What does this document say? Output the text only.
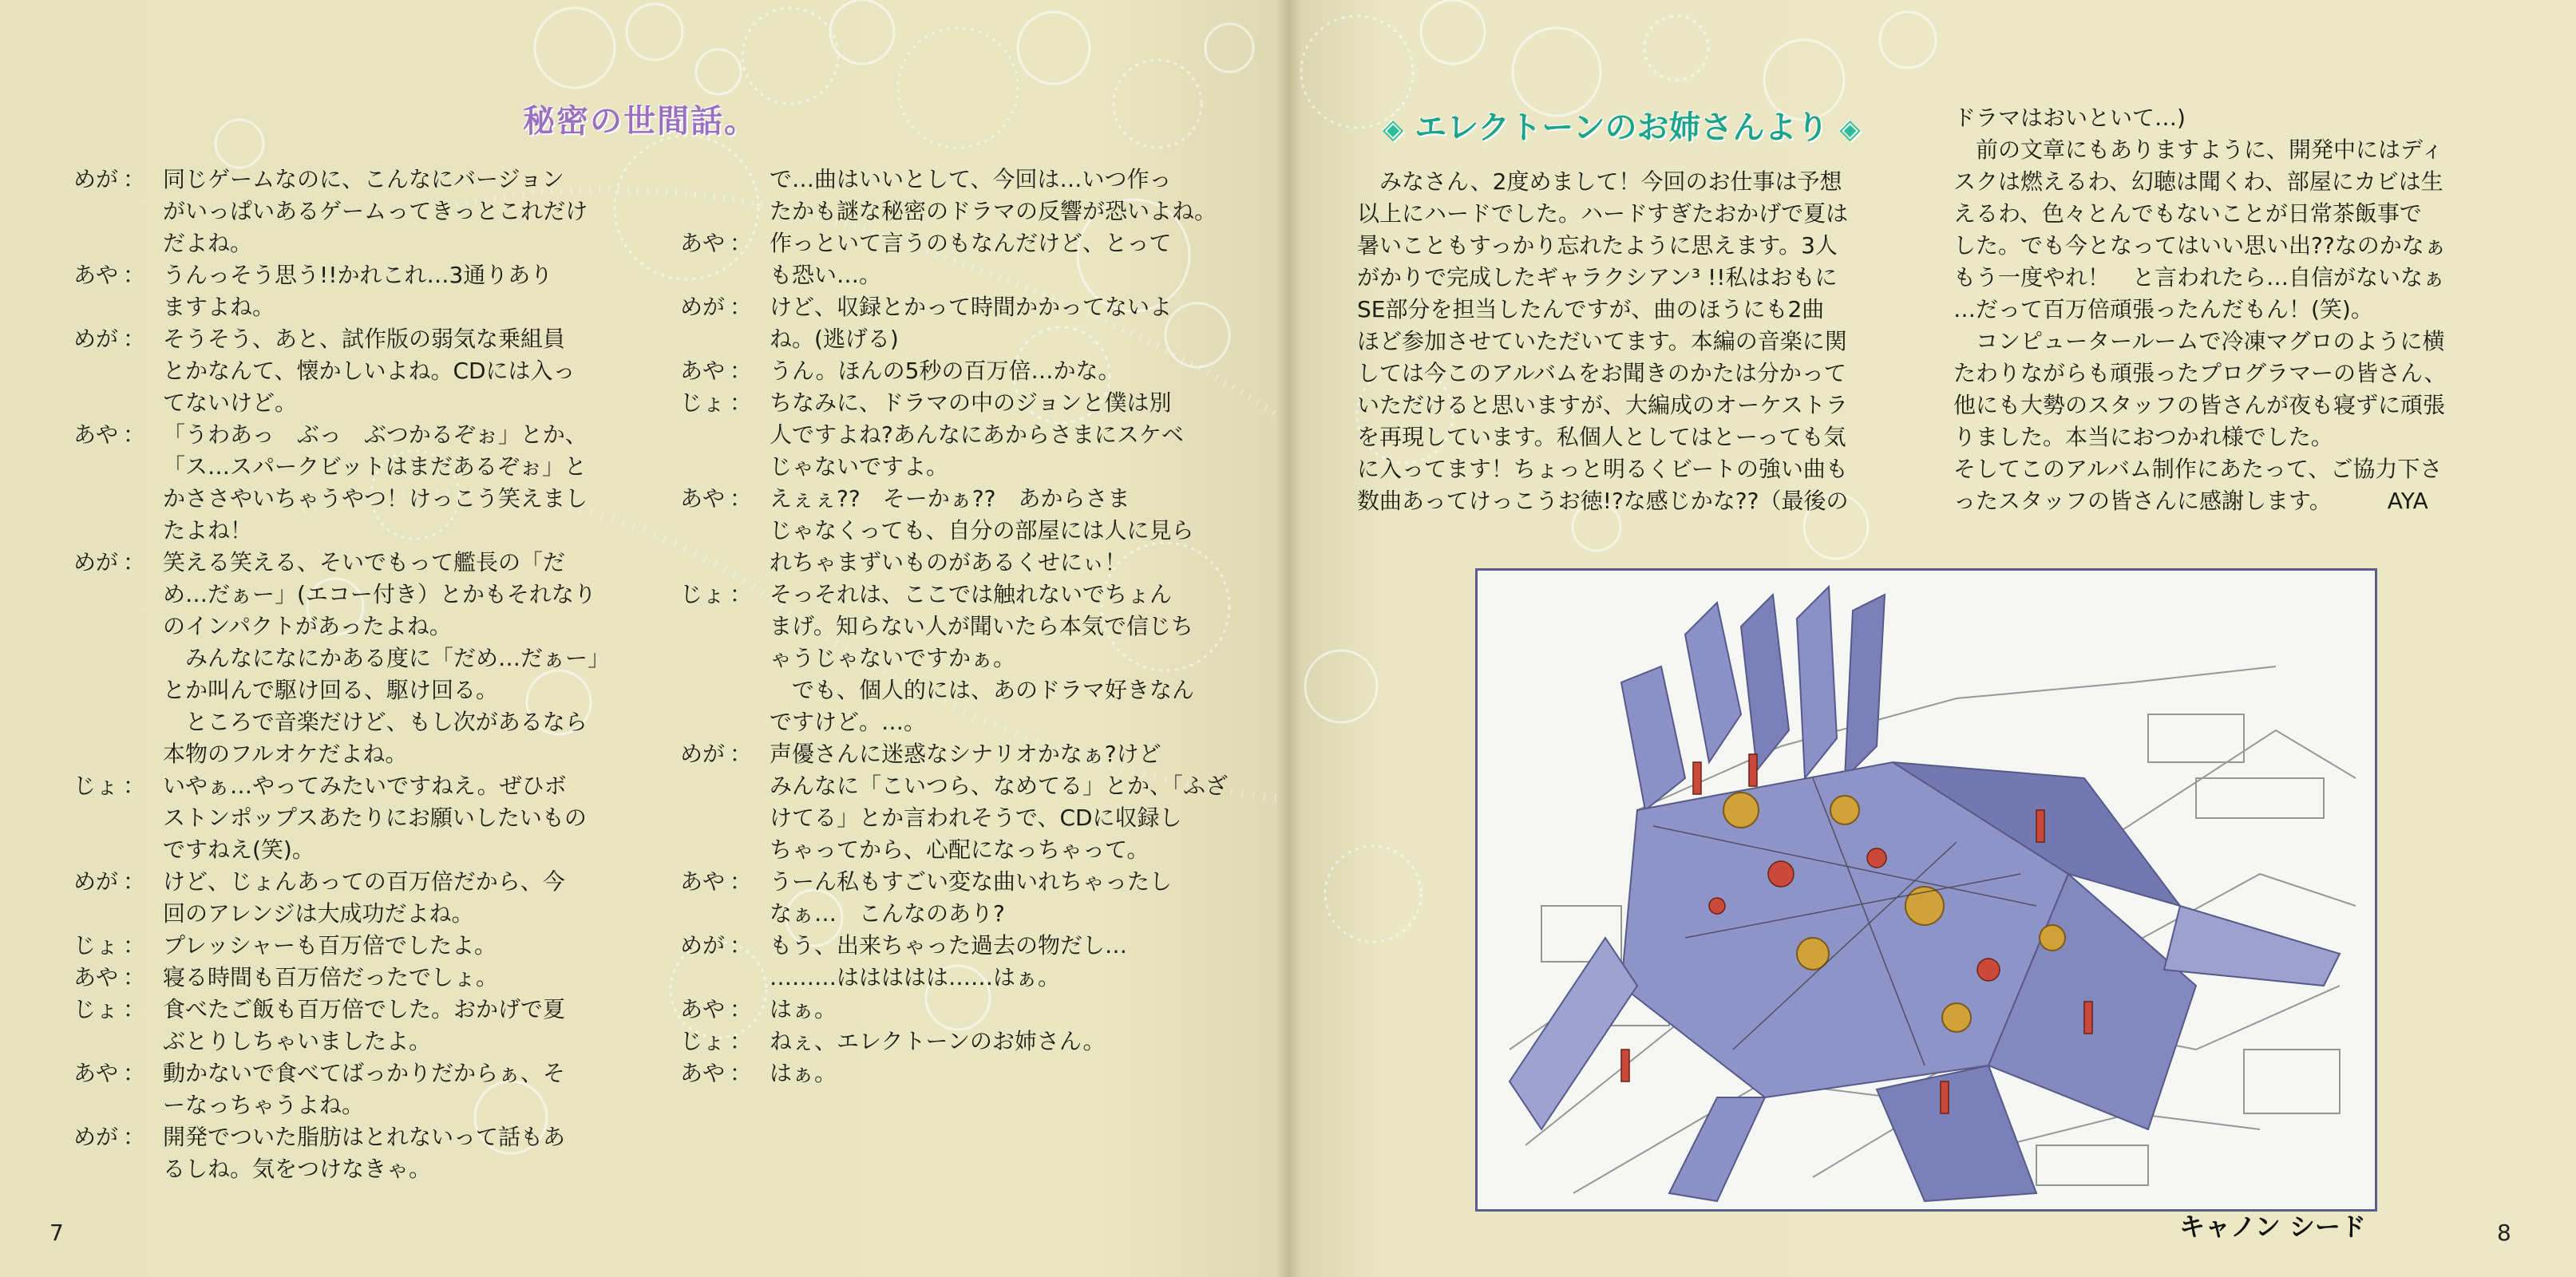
秘密の世間話。
めが ： 同じゲームなのに、こんなにバージョン
がいっぱいあるゲームってきっとこれだけ
だよね。
あや ： うんっそう思う!!かれこれ…3通りあり
ますよね。
めが ： そうそう、あと、試作版の弱気な乗組員
とかなんて、懐かしいよね。CDには入っ
てないけど。
あや ： 「うわあっ　ぶっ　ぶつかるぞぉ」とか、
「ス…スパークビットはまだあるぞぉ」と
かささやいちゃうやつ！けっこう笑えまし
たよね！
めが ： 笑える笑える、そいでもって艦長の「だ
め…だぁー」(エコー付き）とかもそれなり
のインパクトがあったよね。
　みんなになにかある度に「だめ…だぁー」
とか叫んで駆け回る、駆け回る。
　ところで音楽だけど、もし次があるなら
本物のフルオケだよね。
じょ ： いやぁ…やってみたいですねえ。ぜひボ
ストンポップスあたりにお願いしたいもの
ですねえ(笑)。
めが ： けど、じょんあっての百万倍だから、今
回のアレンジは大成功だよね。
じょ ： プレッシャーも百万倍でしたよ。
あや ： 寝る時間も百万倍だったでしょ。
じょ ： 食べたご飯も百万倍でした。おかげで夏
ぶとりしちゃいましたよ。
あや ： 動かないで食べてばっかりだからぁ、そ
ーなっちゃうよね。
めが ： 開発でついた脂肪はとれないって話もあ
るしね。気をつけなきゃ。
で…曲はいいとして、今回は…いつ作っ
たかも謎な秘密のドラマの反響が恐いよね。
あや ： 作っといて言うのもなんだけど、とって
も恐い…。
めが ： けど、収録とかって時間かかってないよ
ね。(逃げる)
あや ： うん。ほんの5秒の百万倍…かな。
じょ ： ちなみに、ドラマの中のジョンと僕は別
人ですよね?あんなにあからさまにスケベ
じゃないですよ。
あや ： えぇぇ??　そーかぁ??　あからさま
じゃなくっても、自分の部屋には人に見ら
れちゃまずいものがあるくせにぃ！
じょ ： そっそれは、ここでは触れないでちょん
まげ。知らない人が聞いたら本気で信じち
ゃうじゃないですかぁ。
　でも、個人的には、あのドラマ好きなん
ですけど。…。
めが ： 声優さんに迷惑なシナリオかなぁ?けど
みんなに「こいつら、なめてる」とか、「ふざ
けてる」とか言われそうで、CDに収録し
ちゃってから、心配になっちゃって。
あや ： うーん私もすごい変な曲いれちゃったし
なぁ…　こんなのあり?
めが ： もう、出来ちゃった過去の物だし…
………ははははは……はぁ。
あや ： はぁ。
じょ ： ねぇ、エレクトーンのお姉さん。
あや ： はぁ。
◈ エレクトーンのお姉さんより ◈
　みなさん、2度めまして！今回のお仕事は予想
以上にハードでした。ハードすぎたおかげで夏は
暑いこともすっかり忘れたように思えます。3人
がかりで完成したギャラクシアン³ !!私はおもに
SE部分を担当したんですが、曲のほうにも2曲
ほど参加させていただいてます。本編の音楽に関
しては今このアルバムをお聞きのかたは分かって
いただけると思いますが、大編成のオーケストラ
を再現しています。私個人としてはとーっても気
に入ってます！ちょっと明るくビートの強い曲も
数曲あってけっこうお徳!?な感じかな??（最後の
ドラマはおいといて…)
　前の文章にもありますように、開発中にはディ
スクは燃えるわ、幻聴は聞くわ、部屋にカビは生
えるわ、色々とんでもないことが日常茶飯事で
した。でも今となってはいい思い出??なのかなぁ
もう一度やれ！　と言われたら…自信がないなぁ
…だって百万倍頑張ったんだもん！(笑)。
　コンピュータールームで冷凍マグロのように横
たわりながらも頑張ったプログラマーの皆さん、
他にも大勢のスタッフの皆さんが夜も寝ずに頑張
りました。本当におつかれ様でした。
そしてこのアルバム制作にあたって、ご協力下さ
ったスタッフの皆さんに感謝します。　　　AYA

キャノン シード

7	8
